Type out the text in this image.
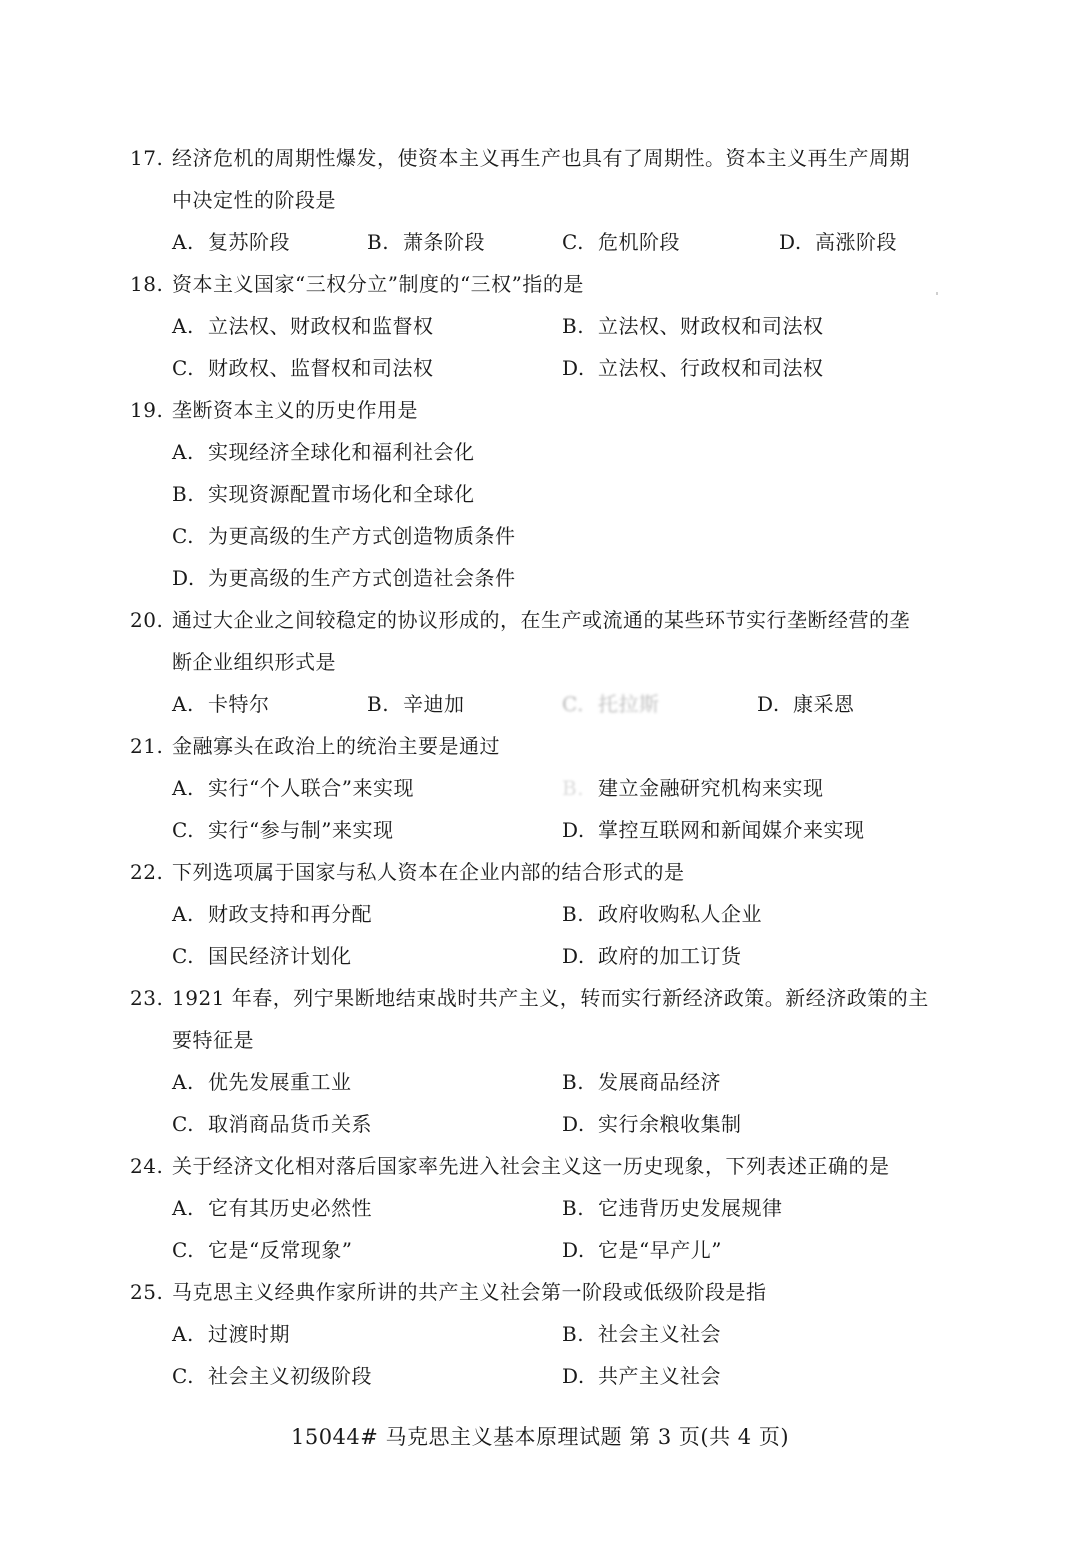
17. 经济危机的周期性爆发，使资本主义再生产也具有了周期性。资本主义再生产周期
中决定性的阶段是
A. 复苏阶段	B. 萧条阶段	C. 危机阶段	D. 高涨阶段
18. 资本主义国家“三权分立”制度的“三权”指的是
A. 立法权、财政权和监督权	B. 立法权、财政权和司法权
C. 财政权、监督权和司法权	D. 立法权、行政权和司法权
19. 垄断资本主义的历史作用是
A. 实现经济全球化和福利社会化
B. 实现资源配置市场化和全球化
C. 为更高级的生产方式创造物质条件
D. 为更高级的生产方式创造社会条件
20. 通过大企业之间较稳定的协议形成的，在生产或流通的某些环节实行垄断经营的垄
断企业组织形式是
A. 卡特尔	B. 辛迪加	C. 托拉斯	D. 康采恩
21. 金融寡头在政治上的统治主要是通过
A. 实行“个人联合”来实现	B. 建立金融研究机构来实现
C. 实行“参与制”来实现	D. 掌控互联网和新闻媒介来实现
22. 下列选项属于国家与私人资本在企业内部的结合形式的是
A. 财政支持和再分配	B. 政府收购私人企业
C. 国民经济计划化	D. 政府的加工订货
23. 1921 年春，列宁果断地结束战时共产主义，转而实行新经济政策。新经济政策的主
要特征是
A. 优先发展重工业	B. 发展商品经济
C. 取消商品货币关系	D. 实行余粮收集制
24. 关于经济文化相对落后国家率先进入社会主义这一历史现象，下列表述正确的是
A. 它有其历史必然性	B. 它违背历史发展规律
C. 它是“反常现象”	D. 它是“早产儿”
25. 马克思主义经典作家所讲的共产主义社会第一阶段或低级阶段是指
A. 过渡时期	B. 社会主义社会
C. 社会主义初级阶段	D. 共产主义社会
15044# 马克思主义基本原理试题 第 3 页(共 4 页)
